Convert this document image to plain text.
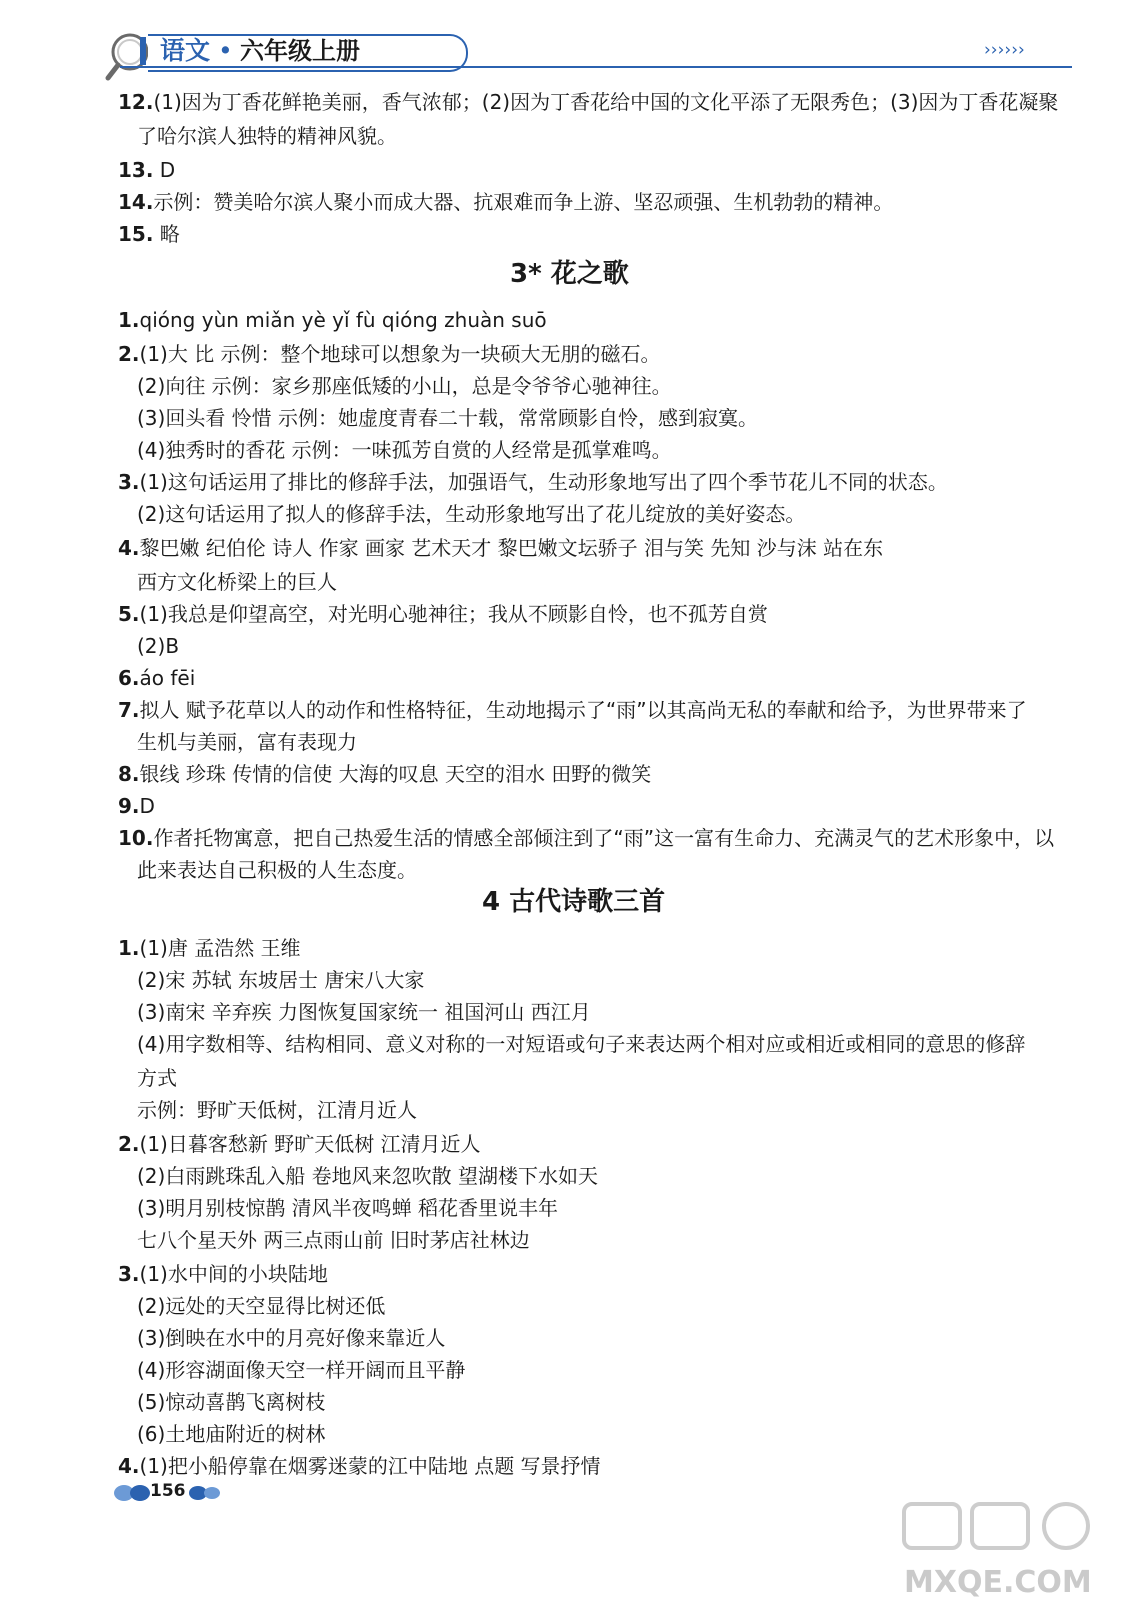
语文 • 六年级上册	››››››
12.(1)因为丁香花鲜艳美丽，香气浓郁；(2)因为丁香花给中国的文化平添了无限秀色；(3)因为丁香花凝聚
了哈尔滨人独特的精神风貌。
13. D
14.示例：赞美哈尔滨人聚小而成大器、抗艰难而争上游、坚忍顽强、生机勃勃的精神。
15. 略
3* 花之歌
1.qióng yùn miǎn yè yǐ fù qióng zhuàn suō
2.(1)大 比 示例：整个地球可以想象为一块硕大无朋的磁石。
(2)向往 示例：家乡那座低矮的小山，总是令爷爷心驰神往。
(3)回头看 怜惜 示例：她虚度青春二十载，常常顾影自怜，感到寂寞。
(4)独秀时的香花 示例：一味孤芳自赏的人经常是孤掌难鸣。
3.(1)这句话运用了排比的修辞手法，加强语气，生动形象地写出了四个季节花儿不同的状态。
(2)这句话运用了拟人的修辞手法，生动形象地写出了花儿绽放的美好姿态。
4.黎巴嫩 纪伯伦 诗人 作家 画家 艺术天才 黎巴嫩文坛骄子 泪与笑 先知 沙与沫 站在东
西方文化桥梁上的巨人
5.(1)我总是仰望高空，对光明心驰神往；我从不顾影自怜，也不孤芳自赏
(2)B
6.áo fēi
7.拟人 赋予花草以人的动作和性格特征，生动地揭示了“雨”以其高尚无私的奉献和给予，为世界带来了
生机与美丽，富有表现力
8.银线 珍珠 传情的信使 大海的叹息 天空的泪水 田野的微笑
9.D
10.作者托物寓意，把自己热爱生活的情感全部倾注到了“雨”这一富有生命力、充满灵气的艺术形象中，以
此来表达自己积极的人生态度。
4 古代诗歌三首
1.(1)唐 孟浩然 王维
(2)宋 苏轼 东坡居士 唐宋八大家
(3)南宋 辛弃疾 力图恢复国家统一 祖国河山 西江月
(4)用字数相等、结构相同、意义对称的一对短语或句子来表达两个相对应或相近或相同的意思的修辞
方式
示例：野旷天低树，江清月近人
2.(1)日暮客愁新 野旷天低树 江清月近人
(2)白雨跳珠乱入船 卷地风来忽吹散 望湖楼下水如天
(3)明月别枝惊鹊 清风半夜鸣蝉 稻花香里说丰年
七八个星天外 两三点雨山前 旧时茅店社林边
3.(1)水中间的小块陆地
(2)远处的天空显得比树还低
(3)倒映在水中的月亮好像来靠近人
(4)形容湖面像天空一样开阔而且平静
(5)惊动喜鹊飞离树枝
(6)土地庙附近的树林
4.(1)把小船停靠在烟雾迷蒙的江中陆地 点题 写景抒情
156
MXQE.COM
